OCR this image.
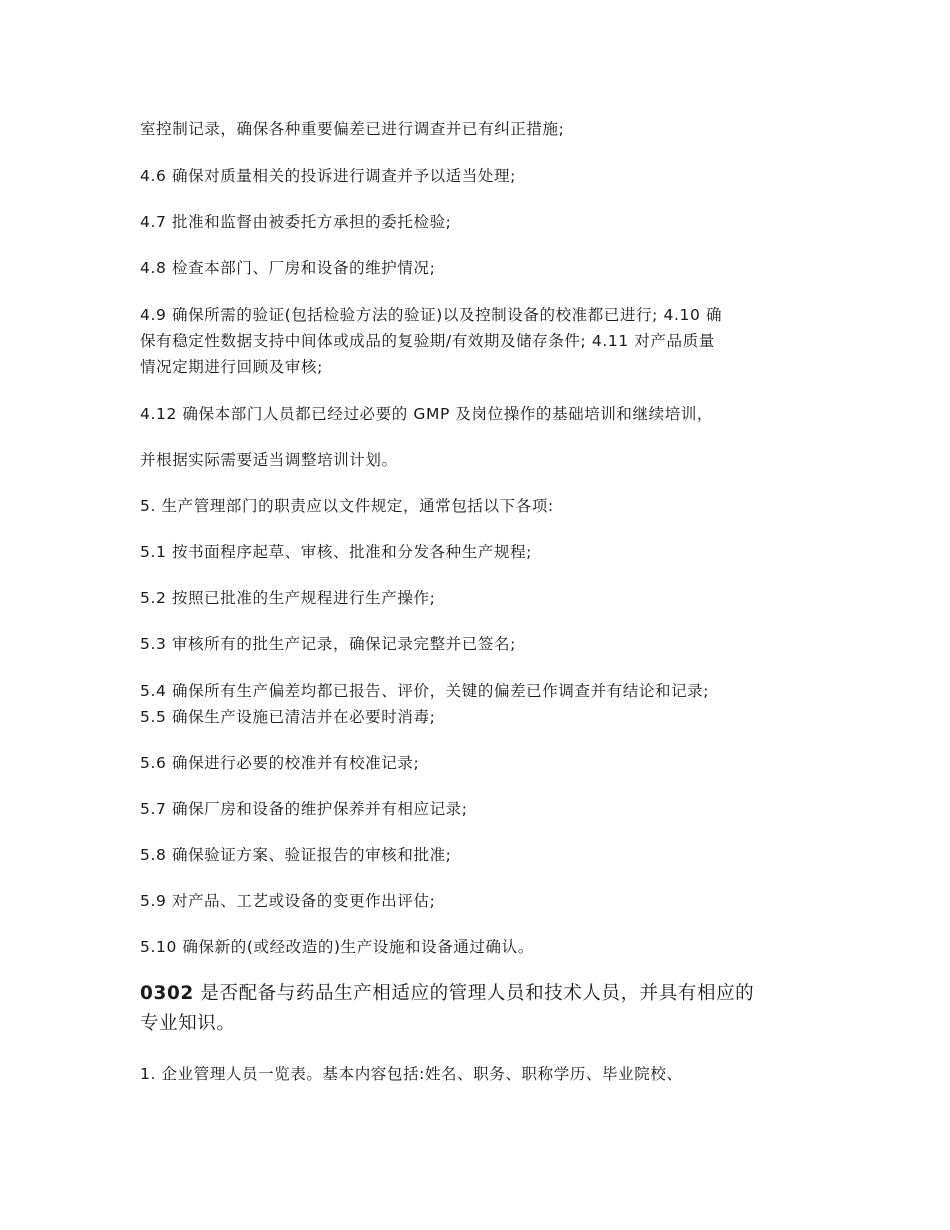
室控制记录，确保各种重要偏差已进行调查并已有纠正措施;
4.6 确保对质量相关的投诉进行调查并予以适当处理;
4.7 批准和监督由被委托方承担的委托检验;
4.8 检查本部门、厂房和设备的维护情况;
4.9 确保所需的验证(包括检验方法的验证)以及控制设备的校准都已进行; 4.10 确
保有稳定性数据支持中间体或成品的复验期/有效期及储存条件; 4.11 对产品质量
情况定期进行回顾及审核;
4.12 确保本部门人员都已经过必要的 GMP 及岗位操作的基础培训和继续培训，
并根据实际需要适当调整培训计划。
5. 生产管理部门的职责应以文件规定，通常包括以下各项:
5.1 按书面程序起草、审核、批准和分发各种生产规程;
5.2 按照已批准的生产规程进行生产操作;
5.3 审核所有的批生产记录，确保记录完整并已签名;
5.4 确保所有生产偏差均都已报告、评价，关键的偏差已作调查并有结论和记录;
5.5 确保生产设施已清洁并在必要时消毒;
5.6 确保进行必要的校准并有校准记录;
5.7 确保厂房和设备的维护保养并有相应记录;
5.8 确保验证方案、验证报告的审核和批准;
5.9 对产品、工艺或设备的变更作出评估;
5.10 确保新的(或经改造的)生产设施和设备通过确认。
0302 是否配备与药品生产相适应的管理人员和技术人员，并具有相应的
专业知识。
1. 企业管理人员一览表。基本内容包括:姓名、职务、职称学历、毕业院校、
